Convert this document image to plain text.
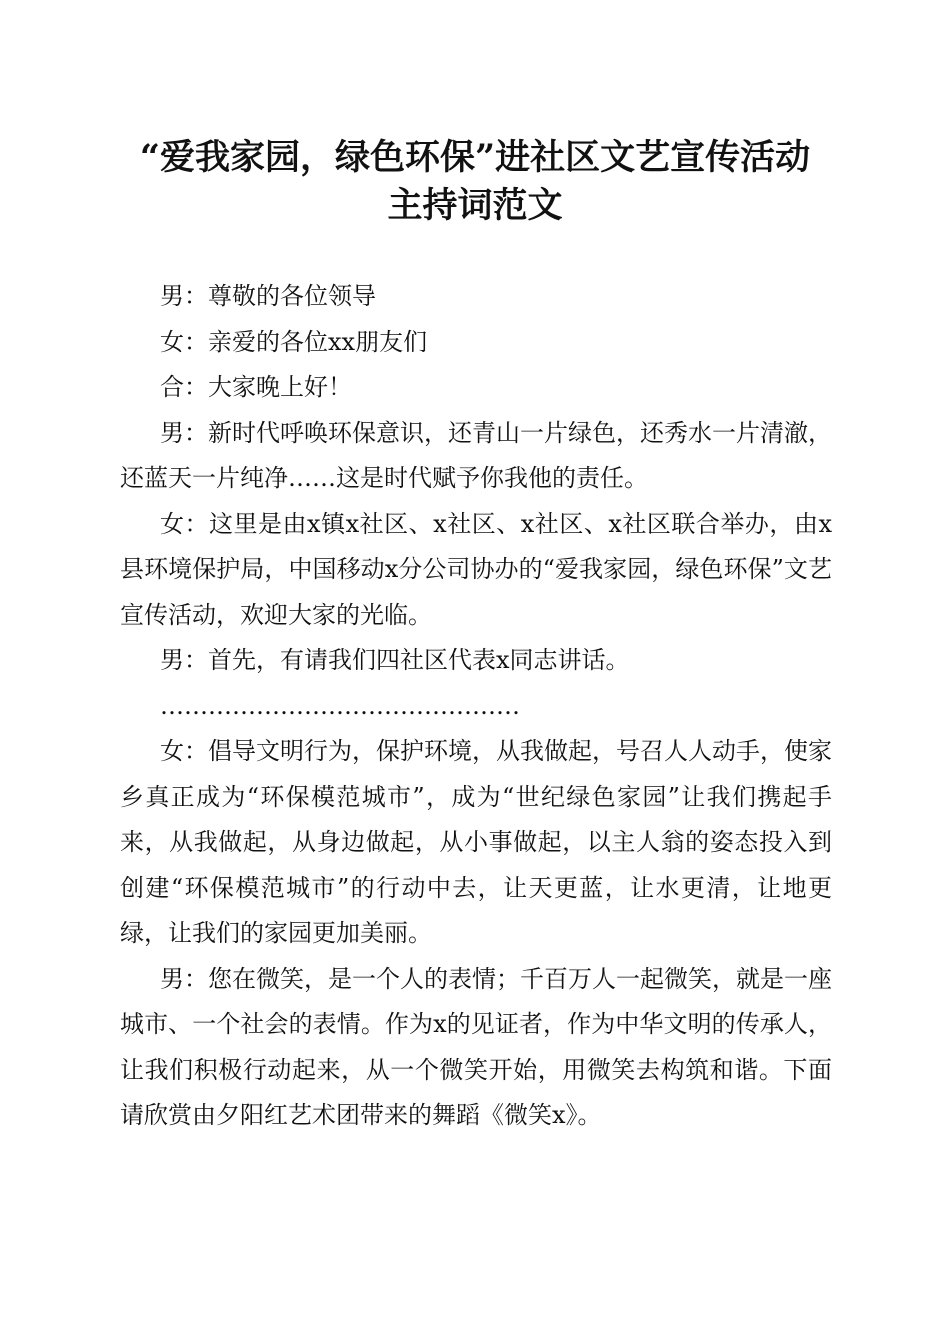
“爱我家园，绿色环保”进社区文艺宣传活动
主持词范文

男：尊敬的各位领导

女：亲爱的各位xx朋友们

合：大家晚上好！

男：新时代呼唤环保意识，还青山一片绿色，还秀水一片清澈，还蓝天一片纯净……这是时代赋予你我他的责任。

女：这里是由x镇x社区、x社区、x社区、x社区联合举办，由x县环境保护局，中国移动x分公司协办的“爱我家园，绿色环保”文艺宣传活动，欢迎大家的光临。

男：首先，有请我们四社区代表x同志讲话。

………………………………………

女：倡导文明行为，保护环境，从我做起，号召人人动手，使家乡真正成为“环保模范城市”，成为“世纪绿色家园”让我们携起手来，从我做起，从身边做起，从小事做起，以主人翁的姿态投入到创建“环保模范城市”的行动中去，让天更蓝，让水更清，让地更绿，让我们的家园更加美丽。

男：您在微笑，是一个人的表情；千百万人一起微笑，就是一座城市、一个社会的表情。作为x的见证者，作为中华文明的传承人，让我们积极行动起来，从一个微笑开始，用微笑去构筑和谐。下面请欣赏由夕阳红艺术团带来的舞蹈《微笑x》。
